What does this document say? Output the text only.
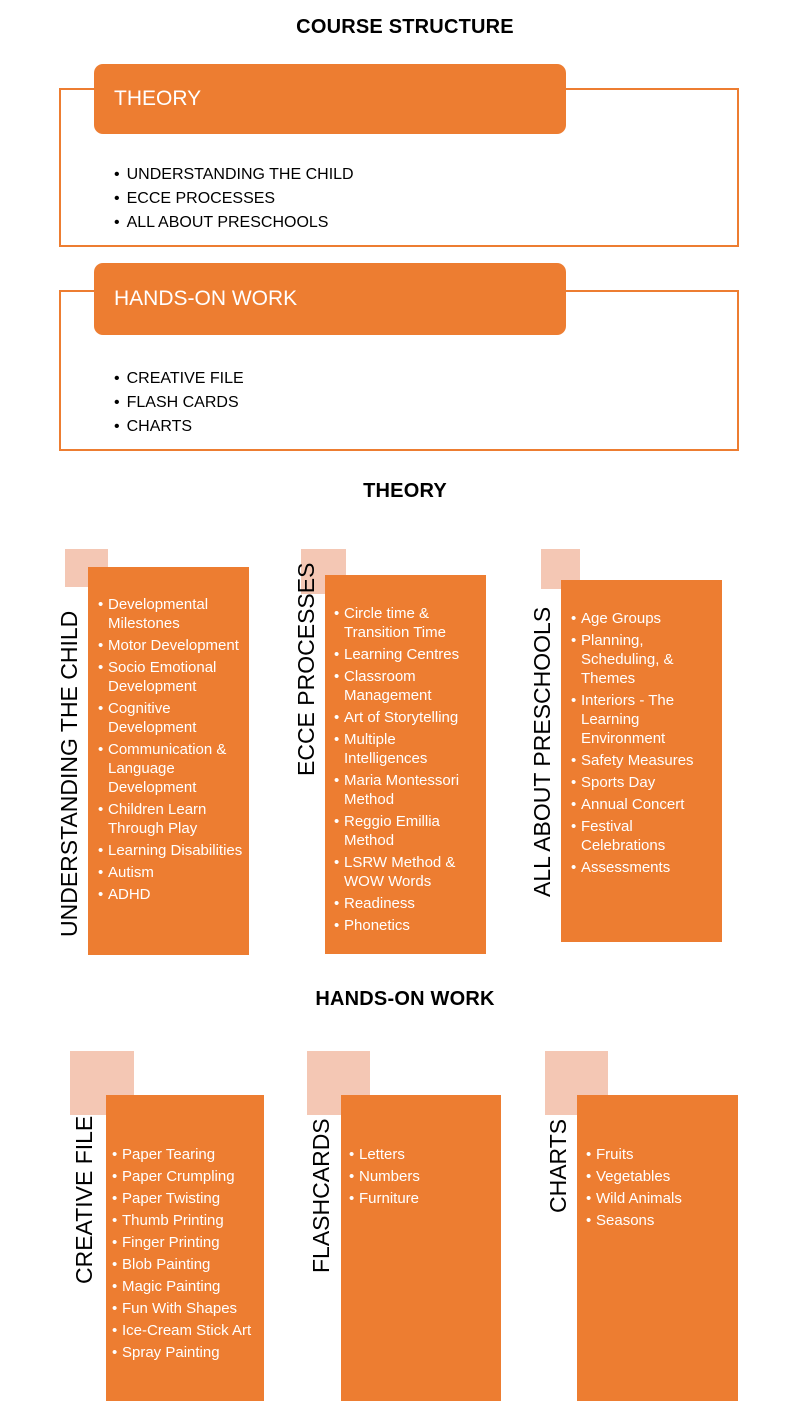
COURSE STRUCTURE
THEORY
• UNDERSTANDING THE CHILD
• ECCE PROCESSES
• ALL ABOUT PRESCHOOLS
HANDS-ON WORK
• CREATIVE FILE
• FLASH CARDS
• CHARTS
THEORY
UNDERSTANDING THE CHILD
• Developmental Milestones
• Motor Development
• Socio Emotional Development
• Cognitive Development
• Communication & Language Development
• Children Learn Through Play
• Learning Disabilities
• Autism
• ADHD
ECCE PROCESSES	• Circle time & Transition Time
• Learning Centres
• Classroom Management
• Art of Storytelling
• Multiple Intelligences
• Maria Montessori Method
• Reggio Emillia Method
• LSRW Method & WOW Words
• Readiness
• Phonetics
ALL ABOUT PRESCHOOLS	• Age Groups
• Planning, Scheduling, & Themes
• Interiors - The Learning Environment
• Safety Measures
• Sports Day
• Annual Concert
• Festival Celebrations
• Assessments
HANDS-ON WORK
CREATIVE FILE	• Paper Tearing
• Paper Crumpling
• Paper Twisting
• Thumb Printing
• Finger Printing
• Blob Painting
• Magic Painting
• Fun With Shapes
• Ice-Cream Stick Art
• Spray Painting
FLASHCARDS	• Letters
• Numbers
• Furniture	CHARTS	• Fruits
• Vegetables
• Wild Animals
• Seasons
